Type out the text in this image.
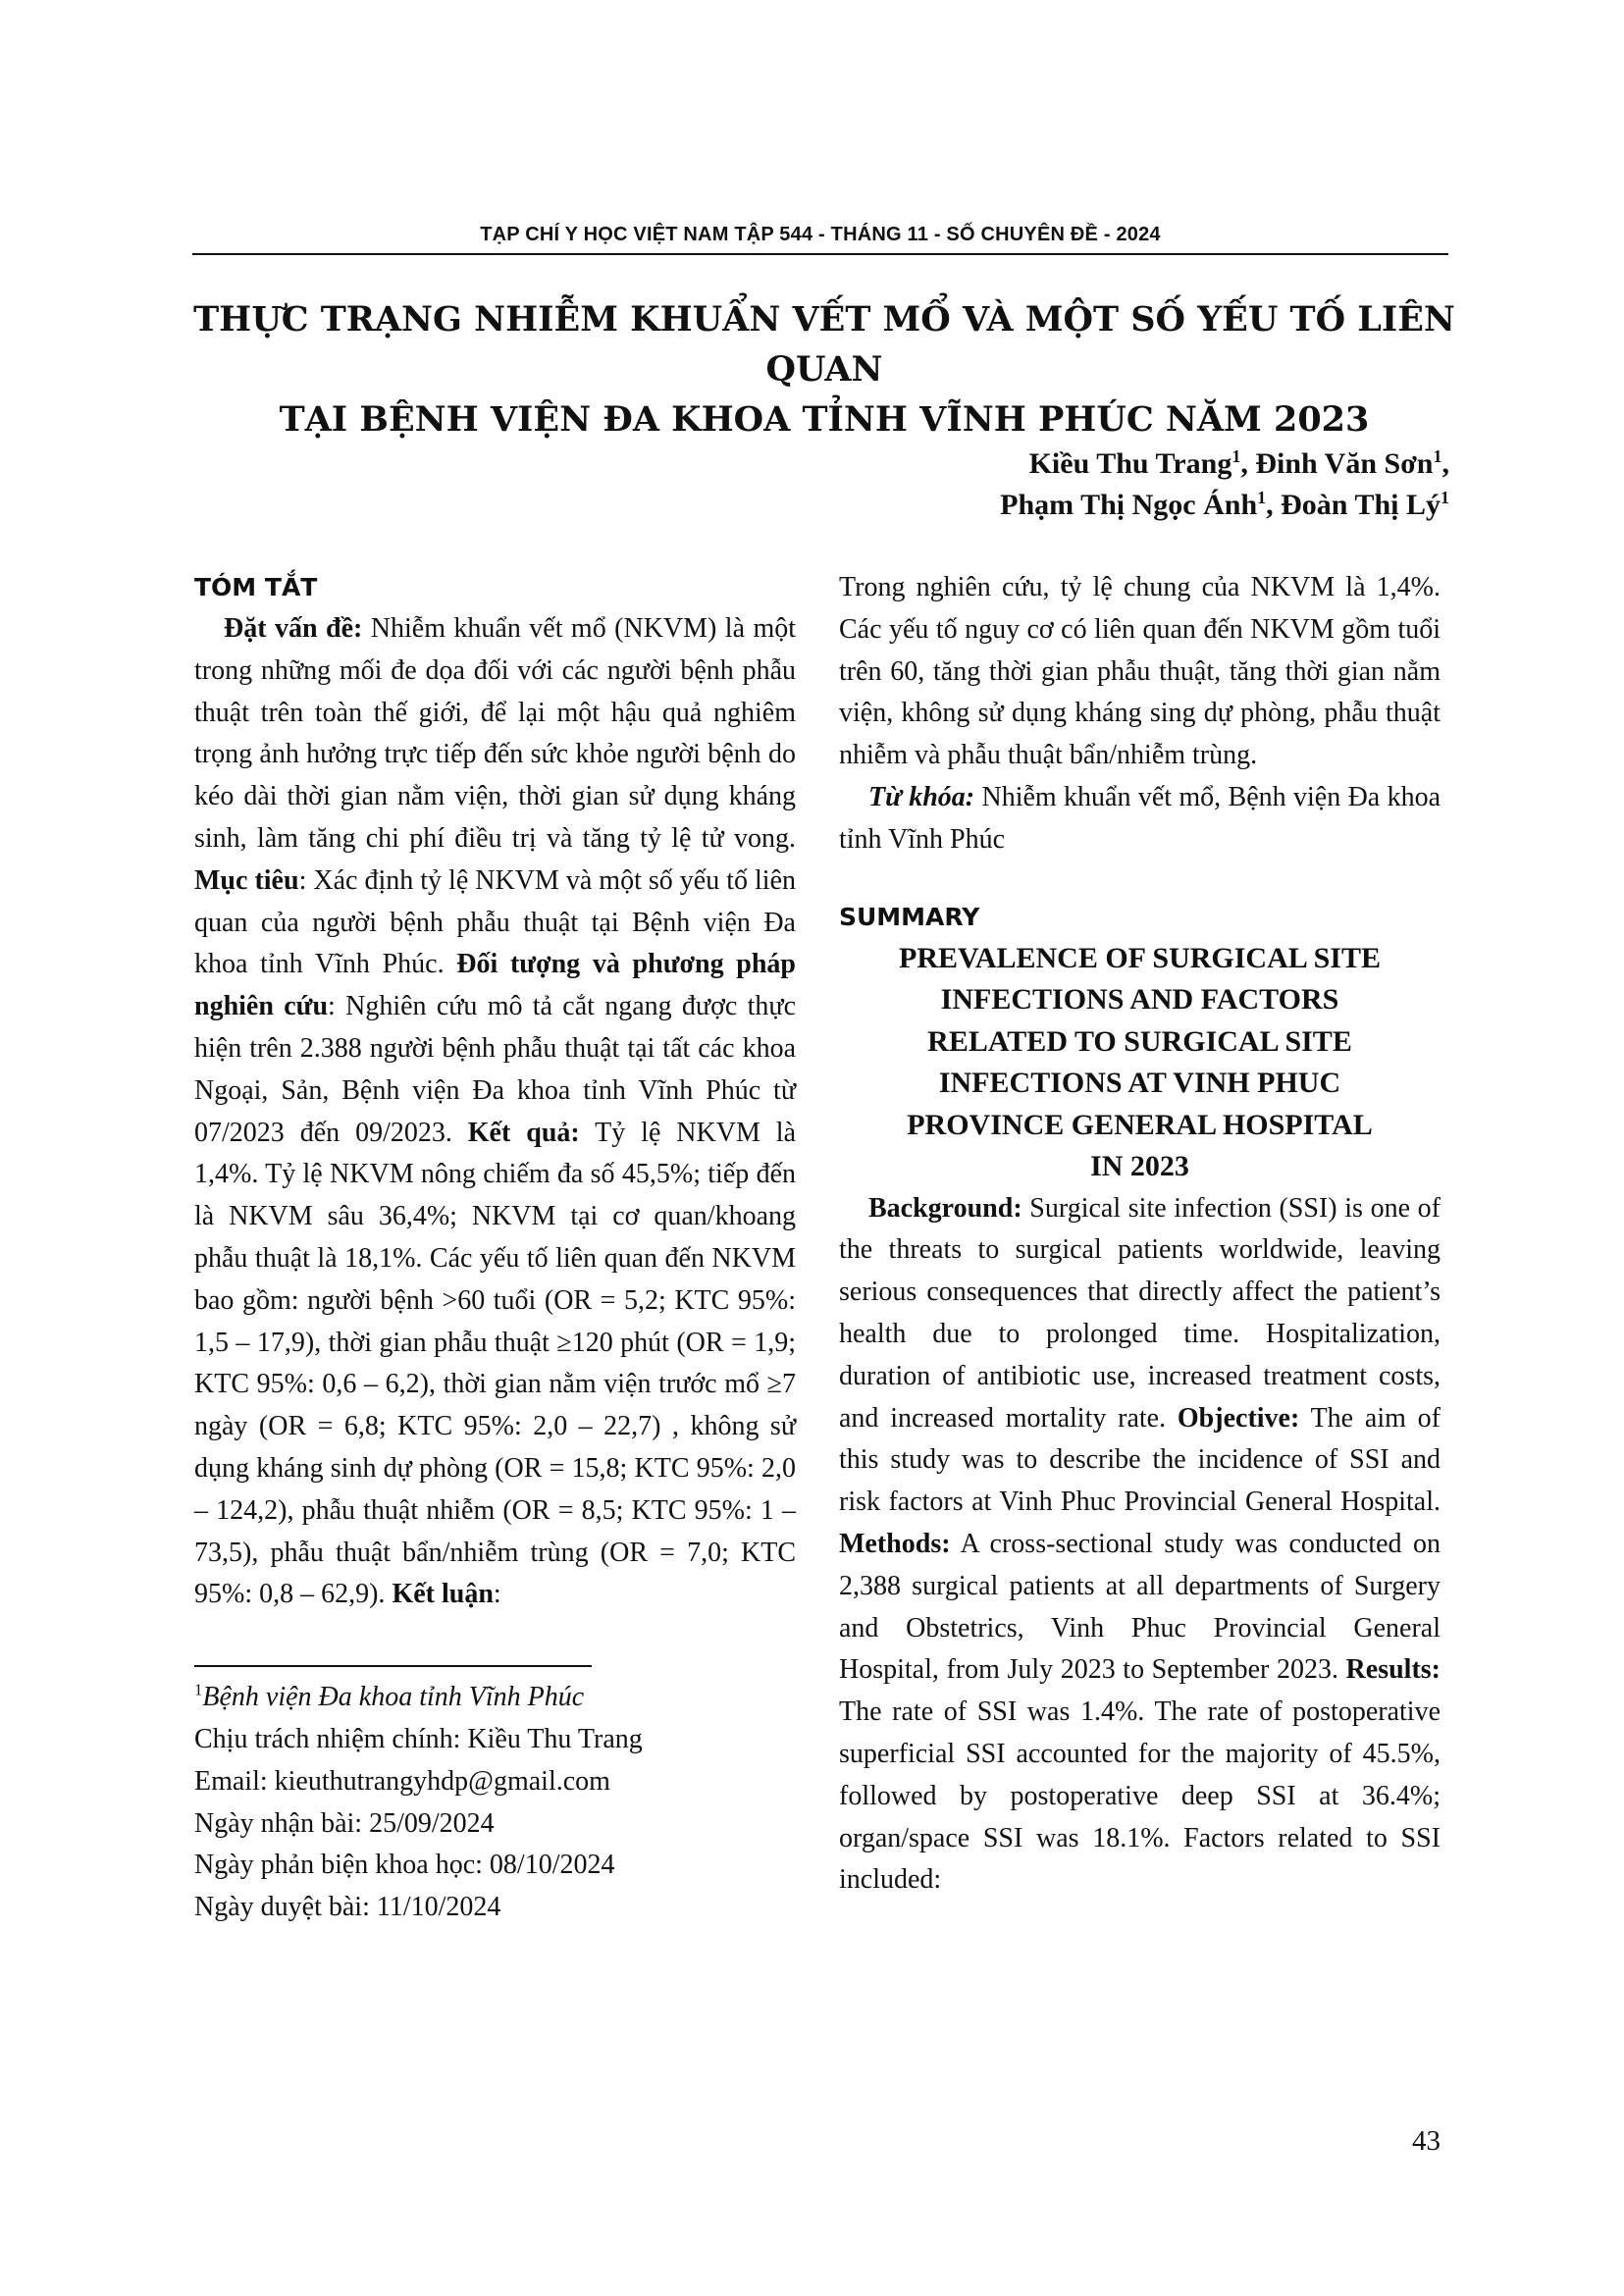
TẠP CHÍ Y HỌC VIỆT NAM TẬP 544 - THÁNG 11 - SỐ CHUYÊN ĐỀ - 2024
THỰC TRẠNG NHIỄM KHUẨN VẾT MỔ VÀ MỘT SỐ YẾU TỐ LIÊN QUAN
TẠI BỆNH VIỆN ĐA KHOA TỈNH VĨNH PHÚC NĂM 2023
Kiều Thu Trang$^1$, Đinh Văn Sơn$^1$,
Phạm Thị Ngọc Ánh$^1$, Đoàn Thị $Lý^1$
TÓM TẮT

Đặt vấn đề: Nhiễm khuẩn vết mổ (NKVM) là một trong những mối đe dọa đối với các người bệnh phẫu thuật trên toàn thế giới, để lại một hậu quả nghiêm trọng ảnh hưởng trực tiếp đến sức khỏe người bệnh do kéo dài thời gian nằm viện, thời gian sử dụng kháng sinh, làm tăng chi phí điều trị và tăng tỷ lệ tử vong. Mục tiêu: Xác định tỷ lệ NKVM và một số yếu tố liên quan của người bệnh phẫu thuật tại Bệnh viện Đa khoa tỉnh Vĩnh Phúc. Đối tượng và phương pháp nghiên cứu: Nghiên cứu mô tả cắt ngang được thực hiện trên 2.388 người bệnh phẫu thuật tại tất các khoa Ngoại, Sản, Bệnh viện Đa khoa tỉnh Vĩnh Phúc từ 07/2023 đến 09/2023. Kết quả: Tỷ lệ NKVM là 1,4%. Tỷ lệ NKVM nông chiếm đa số 45,5%; tiếp đến là NKVM sâu 36,4%; NKVM tại cơ quan/khoang phẫu thuật là 18,1%. Các yếu tố liên quan đến NKVM bao gồm: người bệnh >60 tuổi (OR = 5,2; KTC 95%: 1,5 – 17,9), thời gian phẫu thuật ≥120 phút (OR = 1,9; KTC 95%: 0,6 – 6,2), thời gian nằm viện trước mổ ≥7 ngày (OR = 6,8; KTC 95%: 2,0 – 22,7) , không sử dụng kháng sinh dự phòng (OR = 15,8; KTC 95%: 2,0 – 124,2), phẫu thuật nhiễm (OR = 8,5; KTC 95%: 1 – 73,5), phẫu thuật bẩn/nhiễm trùng (OR = 7,0; KTC 95%: 0,8 – 62,9). Kết luận:

$^1$Bệnh viện Đa khoa tỉnh Vĩnh Phúc

Chịu trách nhiệm chính: Kiều Thu Trang

Email: kieuthutrangyhdp@gmail.com

Ngày nhận bài: 25/09/2024

Ngày phản biện khoa học: 08/10/2024

Ngày duyệt bài: 11/10/2024

Trong nghiên cứu, tỷ lệ chung của NKVM là 1,4%. Các yếu tố nguy cơ có liên quan đến NKVM gồm tuổi trên 60, tăng thời gian phẫu thuật, tăng thời gian nằm viện, không sử dụng kháng sing dự phòng, phẫu thuật nhiễm và phẫu thuật bẩn/nhiễm trùng.

Từ khóa: Nhiễm khuẩn vết mổ, Bệnh viện Đa khoa tỉnh Vĩnh Phúc

SUMMARY
PREVALENCE OF SURGICAL SITE
INFECTIONS AND FACTORS
RELATED TO SURGICAL SITE
INFECTIONS AT VINH PHUC
PROVINCE GENERAL HOSPITAL
IN 2023

Background: Surgical site infection (SSI) is one of the threats to surgical patients worldwide, leaving serious consequences that directly affect the patient’s health due to prolonged time. Hospitalization, duration of antibiotic use, increased treatment costs, and increased mortality rate. Objective: The aim of this study was to describe the incidence of SSI and risk factors at Vinh Phuc Provincial General Hospital. Methods: A cross-sectional study was conducted on 2,388 surgical patients at all departments of Surgery and Obstetrics, Vinh Phuc Provincial General Hospital, from July 2023 to September 2023. Results: The rate of SSI was 1.4%. The rate of postoperative superficial SSI accounted for the majority of 45.5%, followed by postoperative deep SSI at 36.4%; organ/space SSI was 18.1%. Factors related to SSI included:

43
